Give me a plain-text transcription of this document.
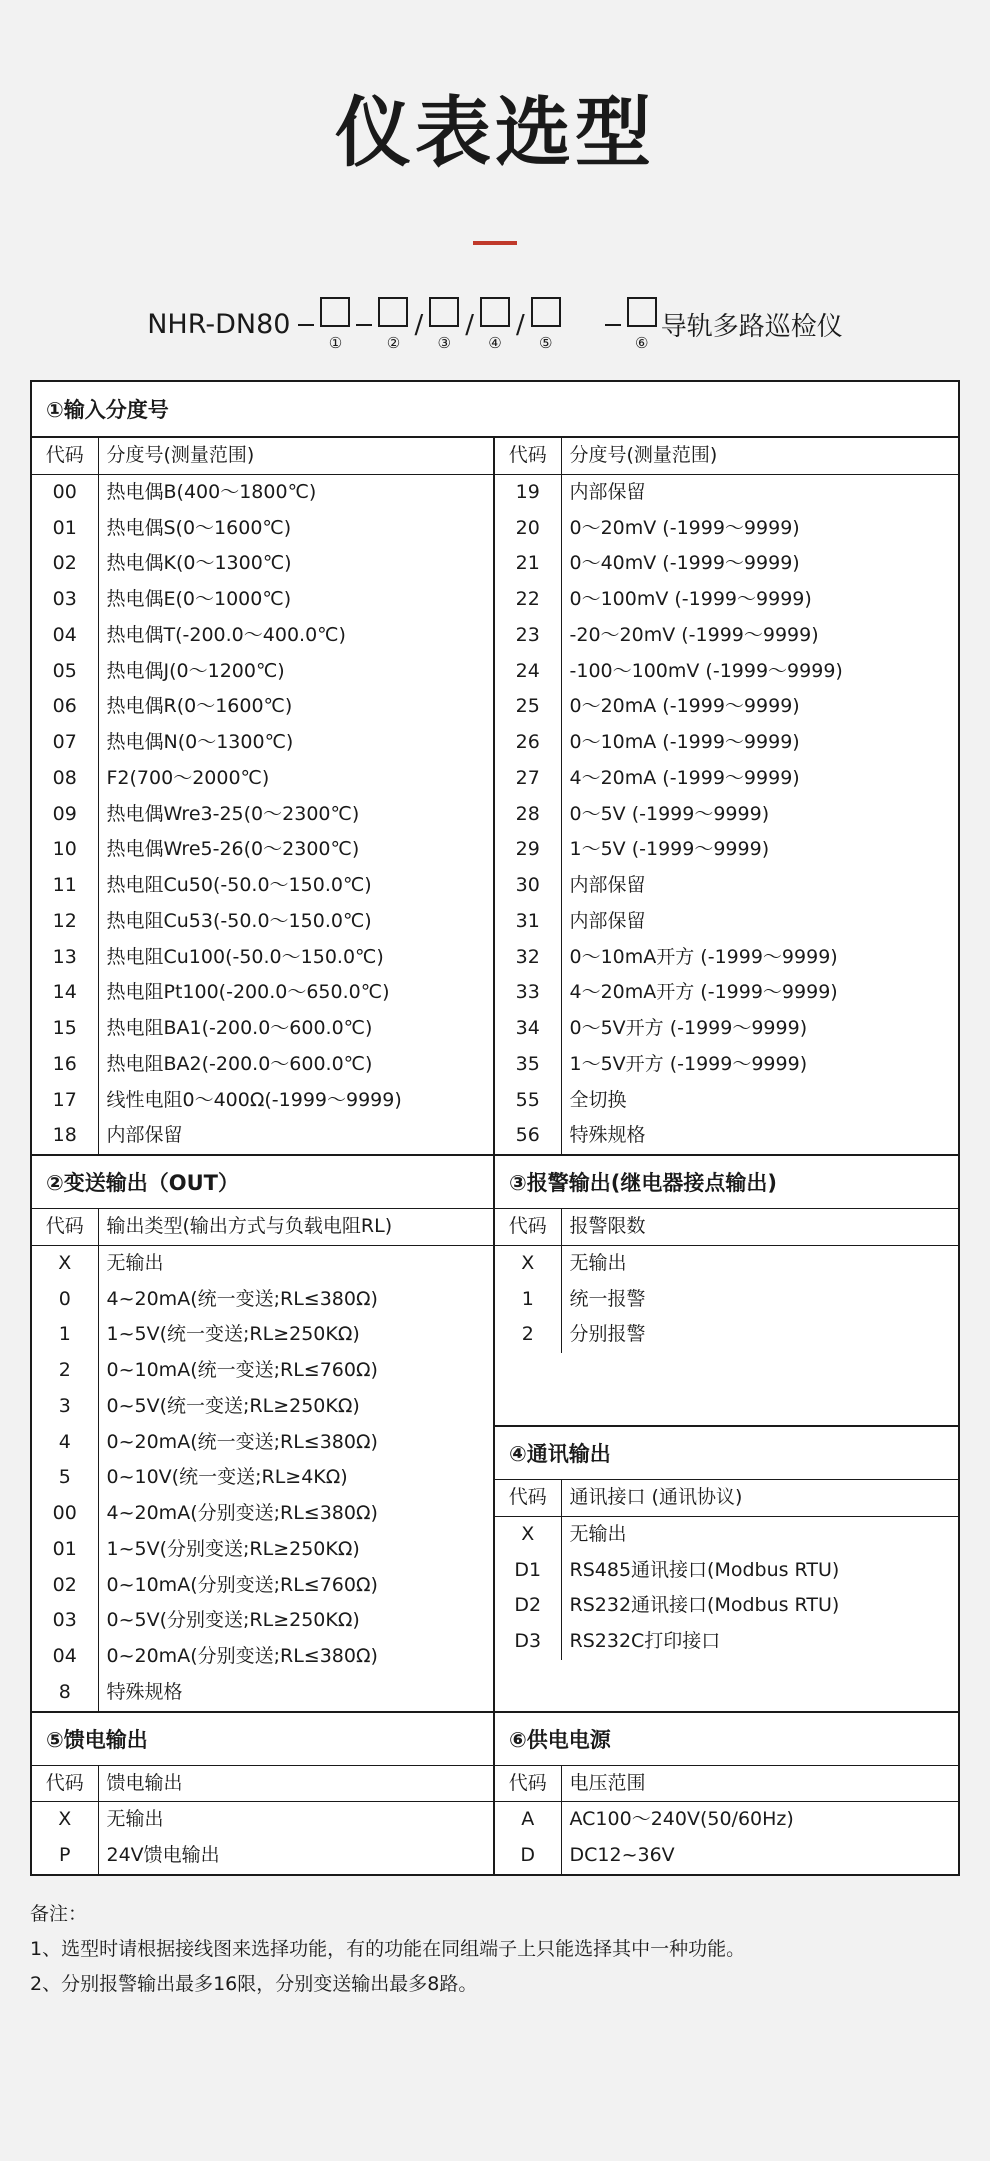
仪表选型
NHR-DN80
①	②
/
③
/
④
/
⑤	⑥
导轨多路巡检仪
①输入分度号
代码	分度号(测量范围)
00	热电偶B(400～1800℃)
01	热电偶S(0～1600℃)
02	热电偶K(0～1300℃)
03	热电偶E(0～1000℃)
04	热电偶T(-200.0～400.0℃)
05	热电偶J(0～1200℃)
06	热电偶R(0～1600℃)
07	热电偶N(0～1300℃)
08	F2(700～2000℃)
09	热电偶Wre3-25(0～2300℃)
10	热电偶Wre5-26(0～2300℃)
11	热电阻Cu50(-50.0～150.0℃)
12	热电阻Cu53(-50.0～150.0℃)
13	热电阻Cu100(-50.0～150.0℃)
14	热电阻Pt100(-200.0～650.0℃)
15	热电阻BA1(-200.0～600.0℃)
16	热电阻BA2(-200.0～600.0℃)
17	线性电阻0～400Ω(-1999～9999)
18	内部保留
代码	分度号(测量范围)
19	内部保留
20	0～20mV (-1999～9999)
21	0～40mV (-1999～9999)
22	0～100mV (-1999～9999)
23	-20～20mV (-1999～9999)
24	-100～100mV (-1999～9999)
25	0～20mA (-1999～9999)
26	0～10mA (-1999～9999)
27	4～20mA (-1999～9999)
28	0～5V (-1999～9999)
29	1～5V (-1999～9999)
30	内部保留
31	内部保留
32	0～10mA开方 (-1999～9999)
33	4～20mA开方 (-1999～9999)
34	0～5V开方 (-1999～9999)
35	1～5V开方 (-1999～9999)
55	全切换
56	特殊规格
②变送输出（OUT）
代码	输出类型(输出方式与负载电阻RL)
X	无输出
0	4~20mA(统一变送;RL≤380Ω)
1	1~5V(统一变送;RL≥250KΩ)
2	0~10mA(统一变送;RL≤760Ω)
3	0~5V(统一变送;RL≥250KΩ)
4	0~20mA(统一变送;RL≤380Ω)
5	0~10V(统一变送;RL≥4KΩ)
00	4~20mA(分别变送;RL≤380Ω)
01	1~5V(分别变送;RL≥250KΩ)
02	0~10mA(分别变送;RL≤760Ω)
03	0~5V(分别变送;RL≥250KΩ)
04	0~20mA(分别变送;RL≤380Ω)
8	特殊规格
③报警输出(继电器接点输出)
代码	报警限数
X	无输出
1	统一报警
2	分别报警
④通讯输出
代码	通讯接口 (通讯协议)
X	无输出
D1	RS485通讯接口(Modbus RTU)
D2	RS232通讯接口(Modbus RTU)
D3	RS232C打印接口
⑤馈电输出
代码	馈电输出
X	无输出
P	24V馈电输出
⑥供电电源
代码	电压范围
A	AC100～240V(50/60Hz)
D	DC12~36V
备注：
1、选型时请根据接线图来选择功能，有的功能在同组端子上只能选择其中一种功能。
2、分别报警输出最多16限，分别变送输出最多8路。
